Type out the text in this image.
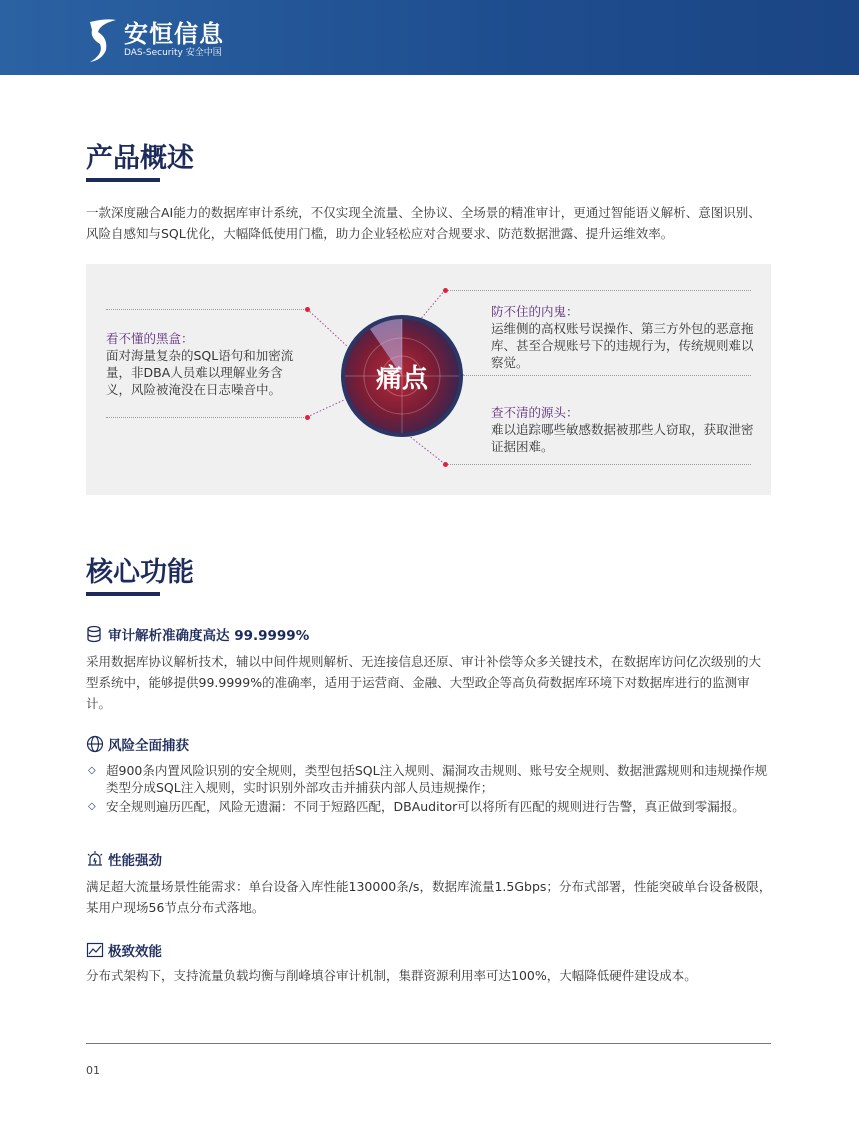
安恒信息
DAS-Security 安全中国
产品概述
一款深度融合AI能力的数据库审计系统，不仅实现全流量、全协议、全场景的精准审计，更通过智能语义解析、意图识别、风险自感知与SQL优化，大幅降低使用门槛，助力企业轻松应对合规要求、防范数据泄露、提升运维效率。
痛点
看不懂的黑盒：
面对海量复杂的SQL语句和加密流量，非DBA人员难以理解业务含义，风险被淹没在日志噪音中。
防不住的内鬼：
运维侧的高权账号误操作、第三方外包的恶意拖库、甚至合规账号下的违规行为，传统规则难以察觉。
查不清的源头：
难以追踪哪些敏感数据被那些人窃取，获取泄密证据困难。
核心功能
审计解析准确度高达 99.9999%
采用数据库协议解析技术，辅以中间件规则解析、无连接信息还原、审计补偿等众多关键技术，在数据库访问亿次级别的大型系统中，能够提供99.9999%的准确率，适用于运营商、金融、大型政企等高负荷数据库环境下对数据库进行的监测审计。
风险全面捕获
◇ 超900条内置风险识别的安全规则，类型包括SQL注入规则、漏洞攻击规则、账号安全规则、数据泄露规则和违规操作规类型分成SQL注入规则，实时识别外部攻击并捕获内部人员违规操作；
◇ 安全规则遍历匹配，风险无遗漏：不同于短路匹配，DBAuditor可以将所有匹配的规则进行告警，真正做到零漏报。
性能强劲
满足超大流量场景性能需求：单台设备入库性能130000条/s，数据库流量1.5Gbps；分布式部署，性能突破单台设备极限，某用户现场56节点分布式落地。
极致效能
分布式架构下，支持流量负载均衡与削峰填谷审计机制，集群资源利用率可达100%，大幅降低硬件建设成本。
01
